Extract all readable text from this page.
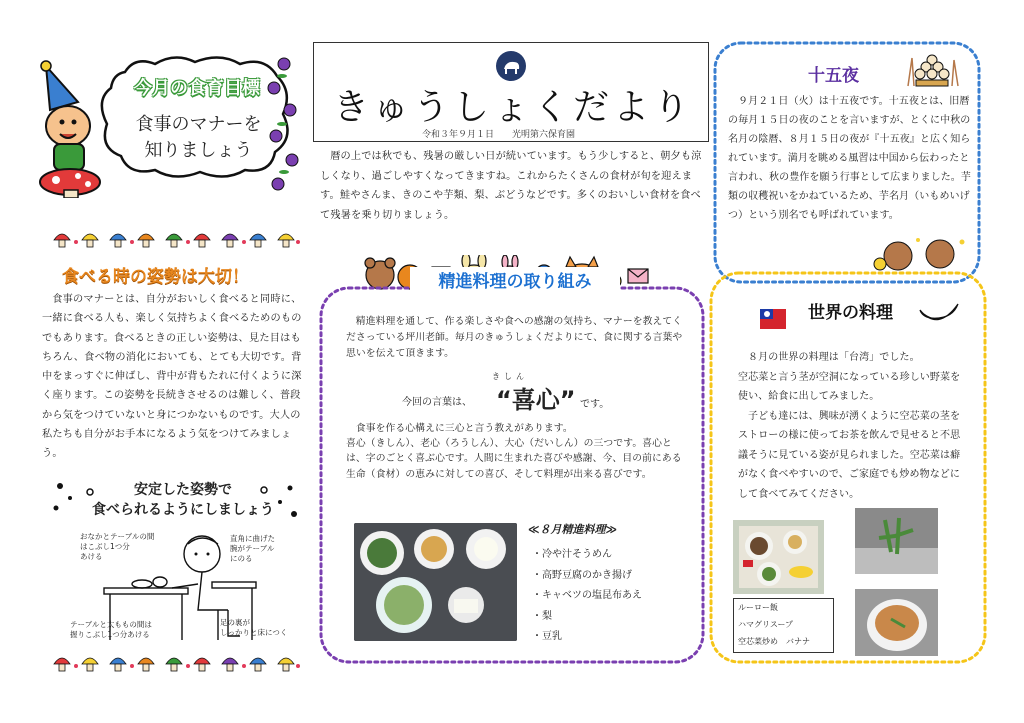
今月の食育目標
食事のマナーを
知りましょう
食べる時の姿勢は大切！
食事のマナーとは、自分がおいしく食べると同時に、一緒に食べる人も、楽しく気持ちよく食べるためのものでもあります。食べるときの正しい姿勢は、見た目はもちろん、食べ物の消化においても、とても大切です。背中をまっすぐに伸ばし、背中が背もたれに付くように深く座ります。この姿勢を長続きさせるのは難しく、普段から気をつけていないと身につかないものです。大人の私たちも自分がお手本になるよう気をつけてみましょう。
安定した姿勢で
食べられるようにしましょう
おなかとテーブルの間
はこぶし1つ分
あける
直角に曲げた
腕がテーブル
にのる
テーブルと太ももの間は
握りこぶし1つ分あける
足の裏が
しっかりと床につく
きゅうしょくだより
令和３年９月１日　　 光明第六保育園
暦の上では秋でも、残暑の厳しい日が続いています。もう少しすると、朝夕も涼しくなり、過ごしやすくなってきますね。これからたくさんの食材が旬を迎えます。鮭やさんま、きのこや芋類、梨、ぶどうなどです。多くのおいしい食材を食べて残暑を乗り切りましょう。
精進料理の取り組み
精進料理を通して、作る楽しさや食への感謝の気持ち、マナーを教えてくださっている坪川老師。毎月のきゅうしょくだよりにて、食に関する言葉や思いを伝えて頂きます。
きしん
今回の言葉は、 “喜心” です。
食事を作る心構えに三心と言う教えがあります。
喜心（きしん）、老心（ろうしん）、大心（だいしん）の三つです。喜心とは、字のごとく喜ぶ心です。人間に生まれた喜びや感謝、今、目の前にある生命（食材）の恵みに対しての喜び、そして料理が出来る喜びです。
≪８月精進料理≫
・冷や汁そうめん
・高野豆腐のかき揚げ
・キャベツの塩昆布あえ
・梨
・豆乳
十五夜
９月２１日（火）は十五夜です。十五夜とは、旧暦の毎月１５日の夜のことを言いますが、とくに中秋の名月の陰暦、８月１５日の夜が『十五夜』と広く知られています。満月を眺める風習は中国から伝わったと言われ、秋の豊作を願う行事として広まりました。芋類の収穫祝いをかねているため、芋名月（いもめいげつ）という別名でも呼ばれています。
世界の料理

８月の世界の料理は「台湾」でした。

空芯菜と言う茎が空洞になっている珍しい野菜を使い、給食に出してみました。

子ども達には、興味が湧くように空芯菜の茎をストローの様に使ってお茶を飲んで見せると不思議そうに見ている姿が見られました。空芯菜は癖がなく食べやすいので、ご家庭でも炒め物などにして食べてみてください。

ルーロー飯
ハマグリスープ
空芯菜炒め　バナナ
